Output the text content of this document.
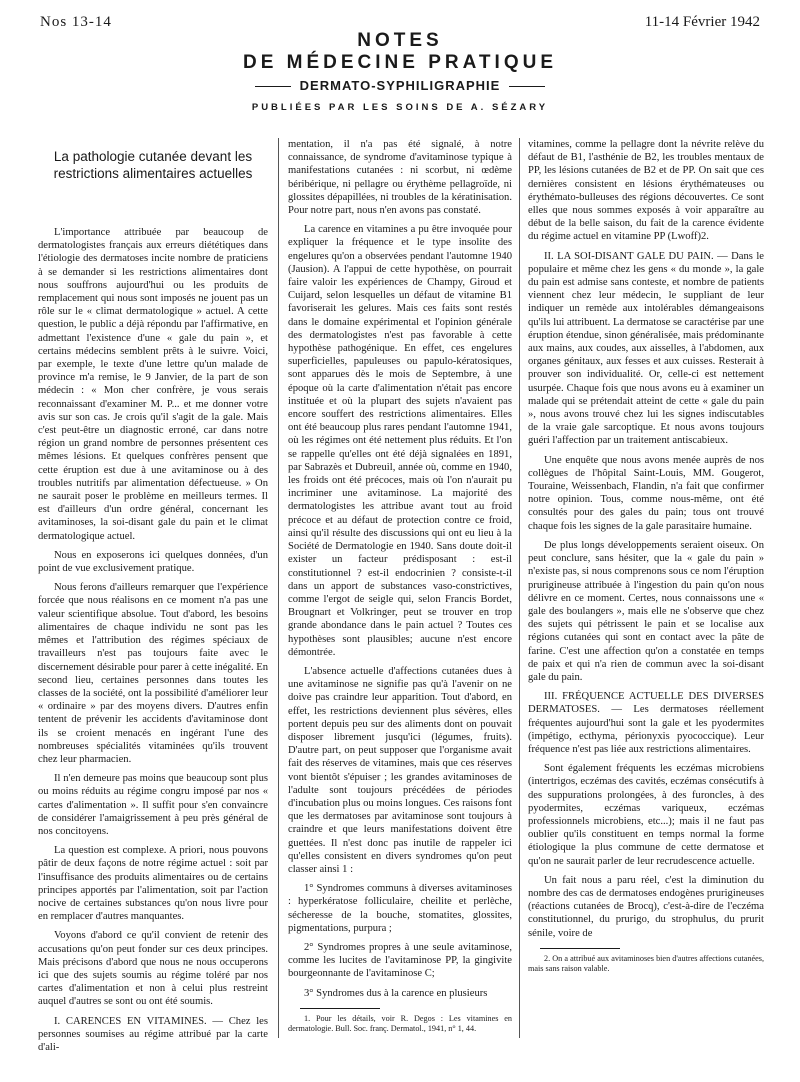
Nos 13-14	11-14 Février 1942
NOTES
DE MÉDECINE PRATIQUE
DERMATO-SYPHILIGRAPHIE
PUBLIÉES PAR LES SOINS DE A. SÉZARY
La pathologie cutanée devant les restrictions alimentaires actuelles

L'importance attribuée par beaucoup de dermatologistes français aux erreurs diététiques dans l'étiologie des dermatoses incite nombre de praticiens à se demander si les restrictions alimentaires dont nous souffrons aujourd'hui ou les produits de remplacement qui nous sont imposés ne jouent pas un rôle sur le « climat dermatologique » actuel. A cette question, le public a déjà répondu par l'affirmative, en admettant l'existence d'une « gale du pain », et certains médecins semblent prêts à le suivre. Voici, par exemple, le texte d'une lettre qu'un malade de province m'a remise, le 9 Janvier, de la part de son médecin : « Mon cher confrère, je vous serais reconnaissant d'examiner M. P... et me donner votre avis sur son cas. Je crois qu'il s'agit de la gale. Mais c'est peut-être un diagnostic erroné, car dans notre région un grand nombre de personnes présentent ces mêmes lésions. Et quelques confrères pensent que cette éruption est due à une avitaminose ou à des troubles nutritifs par alimentation défectueuse. » On ne saurait poser le problème en meilleurs termes. Il est d'ailleurs d'un ordre général, concernant les avitaminoses, la soi-disant gale du pain et le climat dermatologique actuel.

Nous en exposerons ici quelques données, d'un point de vue exclusivement pratique.

Nous ferons d'ailleurs remarquer que l'expérience forcée que nous réalisons en ce moment n'a pas une valeur scientifique absolue. Tout d'abord, les besoins alimentaires de chaque individu ne sont pas les mêmes et l'attribution des régimes spéciaux de travailleurs n'est pas toujours faite avec le discernement désirable pour parer à cette inégalité. En second lieu, certaines personnes dans toutes les classes de la société, ont la possibilité d'améliorer leur « ordinaire » par des moyens divers. D'autres enfin tentent de prévenir les accidents d'avitaminose dont ils se croient menacés en ingérant l'une des nombreuses spécialités vitaminées qu'ils trouvent chez leur pharmacien.

Il n'en demeure pas moins que beaucoup sont plus ou moins réduits au régime congru imposé par nos « cartes d'alimentation ». Il suffit pour s'en convaincre de considérer l'amaigrissement à peu près général de nos concitoyens.

La question est complexe. A priori, nous pouvons pâtir de deux façons de notre régime actuel : soit par l'insuffisance des produits alimentaires ou de certains principes apportés par l'alimentation, soit par l'action nocive de certaines substances qu'on nous livre pour en remplacer d'autres manquantes.

Voyons d'abord ce qu'il convient de retenir des accusations qu'on peut fonder sur ces deux principes. Mais précisons d'abord que nous ne nous occuperons ici que des sujets soumis au régime toléré par nos cartes d'alimentation et non à celui plus restreint auquel d'autres se sont ou ont été soumis.

I. CARENCES EN VITAMINES. — Chez les personnes soumises au régime attribué par la carte d'ali-

mentation, il n'a pas été signalé, à notre connaissance, de syndrome d'avitaminose typique à manifestations cutanées : ni scorbut, ni œdème béribérique, ni pellagre ou érythème pellagroïde, ni glossites dépapillées, ni troubles de la kératinisation. Pour notre part, nous n'en avons pas constaté.

La carence en vitamines a pu être invoquée pour expliquer la fréquence et le type insolite des engelures qu'on a observées pendant l'automne 1940 (Jausion). A l'appui de cette hypothèse, on pourrait faire valoir les expériences de Champy, Giroud et Cuijard, selon lesquelles un défaut de vitamine B1 favoriserait les gelures. Mais ces faits sont restés dans le domaine expérimental et l'opinion générale des dermatologistes n'est pas favorable à cette hypothèse pathogénique. En effet, ces engelures superficielles, papuleuses ou papulo-kératosiques, sont apparues dès le mois de Septembre, à une époque où la carte d'alimentation n'était pas encore instituée et où la plupart des sujets n'avaient pas encore souffert des restrictions alimentaires. Elles ont été beaucoup plus rares pendant l'automne 1941, où les régimes ont été nettement plus réduits. Et l'on se rappelle qu'elles ont été déjà signalées en 1891, par Sabrazès et Dubreuil, année où, comme en 1940, les froids ont été précoces, mais où l'on n'aurait pu incriminer une avitaminose. La majorité des dermatologistes les attribue avant tout au froid précoce et au défaut de protection contre ce froid, ainsi qu'il résulte des discussions qui ont eu lieu à la Société de Dermatologie en 1940. Sans doute doit-il exister un facteur prédisposant : est-il constitutionnel ? est-il endocrinien ? consiste-t-il dans un apport de substances vaso-constrictives, comme l'ergot de seigle qui, selon Francis Bordet, Brougnart et Volkringer, peut se trouver en trop grande abondance dans le pain actuel ? Toutes ces hypothèses sont plausibles; aucune n'est encore démontrée.

L'absence actuelle d'affections cutanées dues à une avitaminose ne signifie pas qu'à l'avenir on ne doive pas craindre leur apparition. Tout d'abord, en effet, les restrictions deviennent plus sévères, elles portent depuis peu sur des aliments dont on pouvait disposer librement jusqu'ici (légumes, fruits). D'autre part, on peut supposer que l'organisme avait fait des réserves de vitamines, mais que ces réserves vont bientôt s'épuiser ; les grandes avitaminoses de l'adulte sont toujours précédées de périodes d'incubation plus ou moins longues. Ces raisons font que les dermatoses par avitaminose sont toujours à craindre et que leurs manifestations doivent être guettées. Il n'est donc pas inutile de rappeler ici qu'elles consistent en divers syndromes qu'on peut classer ainsi 1 :

1° Syndromes communs à diverses avitaminoses : hyperkératose folliculaire, cheilite et perlèche, sécheresse de la bouche, stomatites, glossites, pigmentations, purpura ;

2° Syndromes propres à une seule avitaminose, comme les lucites de l'avitaminose PP, la gingivite bourgeonnante de l'avitaminose C;

3° Syndromes dus à la carence en plusieurs

1. Pour les détails, voir R. Degos : Les vitamines en dermatologie. Bull. Soc. franç. Dermatol., 1941, n° 1, 44.

vitamines, comme la pellagre dont la névrite relève du défaut de B1, l'asthénie de B2, les troubles mentaux de PP, les lésions cutanées de B2 et de PP. On sait que ces dernières consistent en lésions érythémateuses ou érythémato-bulleuses des régions découvertes. Ce sont elles que nous sommes exposés à voir apparaître au début de la belle saison, du fait de la carence évidente du régime actuel en vitamine PP (Lwoff)2.

II. LA SOI-DISANT GALE DU PAIN. — Dans le populaire et même chez les gens « du monde », la gale du pain est admise sans conteste, et nombre de patients viennent chez leur médecin, le suppliant de leur indiquer un remède aux intolérables démangeaisons qu'ils lui attribuent. La dermatose se caractérise par une éruption étendue, sinon généralisée, mais prédominante aux mains, aux coudes, aux aisselles, à l'abdomen, aux organes génitaux, aux fesses et aux cuisses. Resterait à prouver son individualité. Or, celle-ci est nettement usurpée. Chaque fois que nous avons eu à examiner un malade qui se prétendait atteint de cette « gale du pain », nous avons trouvé chez lui les signes indiscutables de la vraie gale sarcoptique. Et nous avons toujours guéri l'affection par un traitement antiscabieux.

Une enquête que nous avons menée auprès de nos collègues de l'hôpital Saint-Louis, MM. Gougerot, Touraine, Weissenbach, Flandin, n'a fait que confirmer notre opinion. Tous, comme nous-même, ont été consultés pour des gales du pain; tous ont trouvé chaque fois les signes de la gale parasitaire humaine.

De plus longs développements seraient oiseux. On peut conclure, sans hésiter, que la « gale du pain » n'existe pas, si nous comprenons sous ce nom l'éruption prurigineuse attribuée à l'ingestion du pain qu'on nous délivre en ce moment. Certes, nous connaissons une « gale des boulangers », mais elle ne s'observe que chez des sujets qui pétrissent le pain et se localise aux régions cutanées qui sont en contact avec la pâte de farine. C'est une affection qu'on a constatée en temps de paix et qui n'a rien de commun avec la soi-disant gale du pain.

III. FRÉQUENCE ACTUELLE DES DIVERSES DERMATOSES. — Les dermatoses réellement fréquentes aujourd'hui sont la gale et les pyodermites (impétigo, ecthyma, périonyxis pyococcique). Leur fréquence n'est pas liée aux restrictions alimentaires.

Sont également fréquents les eczémas microbiens (intertrigos, eczémas des cavités, eczémas consécutifs à des suppurations prolongées, à des furoncles, à des pyodermites, eczémas variqueux, eczémas professionnels microbiens, etc...); mais il ne faut pas oublier qu'ils constituent en temps normal la forme étiologique la plus commune de cette dermatose et qu'on ne saurait parler de leur recrudescence actuelle.

Un fait nous a paru réel, c'est la diminution du nombre des cas de dermatoses endogènes prurigineuses (réactions cutanées de Brocq), c'est-à-dire de l'eczéma constitutionnel, du prurigo, du strophulus, du prurit sénile, voire de

2. On a attribué aux avitaminoses bien d'autres affections cutanées, mais sans raison valable.
